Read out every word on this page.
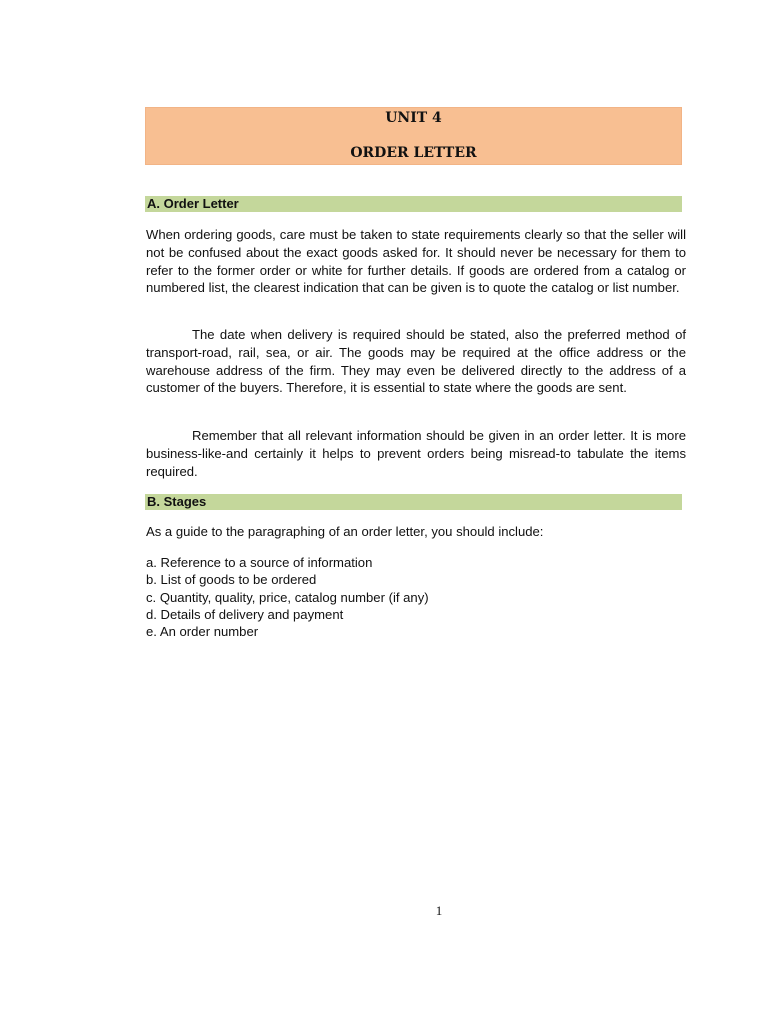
UNIT 4
ORDER LETTER
A. Order Letter

When ordering goods, care must be taken to state requirements clearly so that the seller will not be confused about the exact goods asked for. It should never be necessary for them to refer to the former order or white for further details. If goods are ordered from a catalog or numbered list, the clearest indication that can be given is to quote the catalog or list number.

The date when delivery is required should be stated, also the preferred method of transport-road, rail, sea, or air. The goods may be required at the office address or the warehouse address of the firm. They may even be delivered directly to the address of a customer of the buyers. Therefore, it is essential to state where the goods are sent.

Remember that all relevant information should be given in an order letter. It is more business-like-and certainly it helps to prevent orders being misread-to tabulate the items required.

B. Stages

As a guide to the paragraphing of an order letter, you should include:

a. Reference to a source of information
b. List of goods to be ordered
c. Quantity, quality, price, catalog number (if any)
d. Details of delivery and payment
e. An order number
1
